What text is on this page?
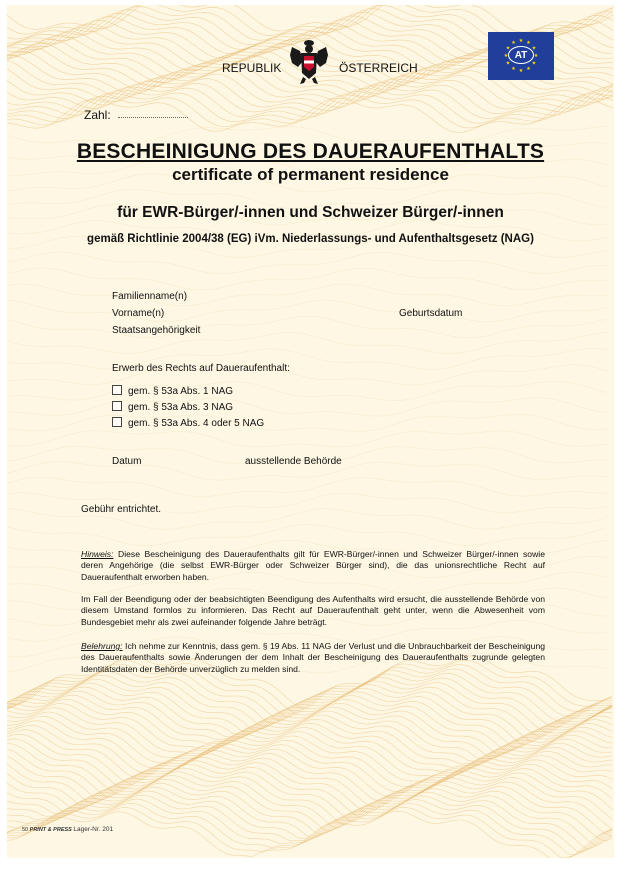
REPUBLIK	ÖSTERREICH
★ ★
★
★
★
★
★
★
★
★
★
★
AT
Zahl:
BESCHEINIGUNG DES DAUERAUFENTHALTS
certificate of permanent residence
für EWR-Bürger/-innen und Schweizer Bürger/-innen
gemäß Richtlinie 2004/38 (EG) iVm. Niederlassungs- und Aufenthaltsgesetz (NAG)
Familienname(n)
Vorname(n)	Geburtsdatum
Staatsangehörigkeit
Erwerb des Rechts auf Daueraufenthalt:
gem. § 53a Abs. 1 NAG
gem. § 53a Abs. 3 NAG
gem. § 53a Abs. 4 oder 5 NAG
Datum	ausstellende Behörde
Gebühr entrichtet.
Hinweis: Diese Bescheinigung des Daueraufenthalts gilt für EWR-Bürger/-innen und Schweizer Bürger/-innen sowie deren Angehörige (die selbst EWR-Bürger oder Schweizer Bürger sind), die das unionsrechtliche Recht auf Daueraufenthalt erworben haben.
Im Fall der Beendigung oder der beabsichtigten Beendigung des Aufenthalts wird ersucht, die ausstellende Behörde von diesem Umstand formlos zu informieren. Das Recht auf Daueraufenthalt geht unter, wenn die Abwesenheit vom Bundesgebiet mehr als zwei aufeinander folgende Jahre beträgt.
Belehrung: Ich nehme zur Kenntnis, dass gem. § 19 Abs. 11 NAG der Verlust und die Unbrauchbarkeit der Bescheinigung des Daueraufenthalts sowie Änderungen der dem Inhalt der Bescheinigung des Daueraufenthalts zugrunde gelegten Identitätsdaten der Behörde unverzüglich zu melden sind.
50 PRINT & PRESS Lager-Nr. 201
